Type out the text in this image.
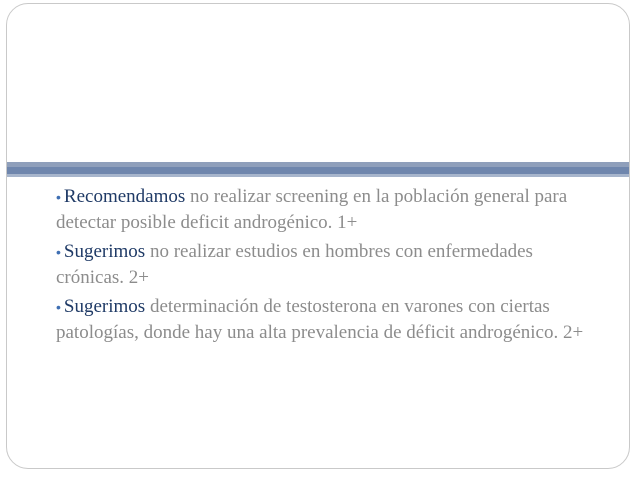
• Recomendamos no realizar screening en la población general para detectar posible deficit androgénico. 1+

• Sugerimos no realizar estudios en hombres con enfermedades crónicas. 2+

• Sugerimos determinación de testosterona en varones con ciertas patologías, donde hay una alta prevalencia de déficit androgénico. 2+
